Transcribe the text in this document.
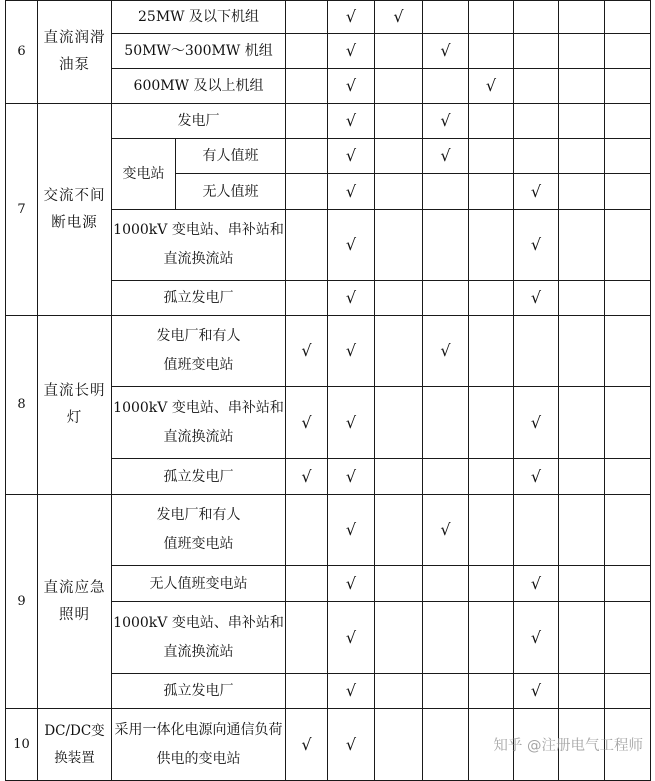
6	直流润滑油泵	25MW 及以下机组			√	√					
		50MW～300MW 机组			√		√				
		600MW 及以上机组			√			√			
7	交流不间断电源	发电厂			√		√				
		变电站	有人值班		√		√				
			无人值班		√				√		
		1000kV 变电站、串补站和直流换流站			√				√		
		孤立发电厂			√				√		
8	直流长明灯	发电厂和有人值班变电站		√	√		√				
		1000kV 变电站、串补站和直流换流站		√	√				√		
		孤立发电厂		√	√				√		
9	直流应急照明	发电厂和有人值班变电站			√		√				
		无人值班变电站			√				√		
		1000kV 变电站、串补站和直流换流站			√				√		
		孤立发电厂			√				√		
10	DC/DC变换装置	采用一体化电源向通信负荷供电的变电站		√	√							知乎 @注册电气工程师
